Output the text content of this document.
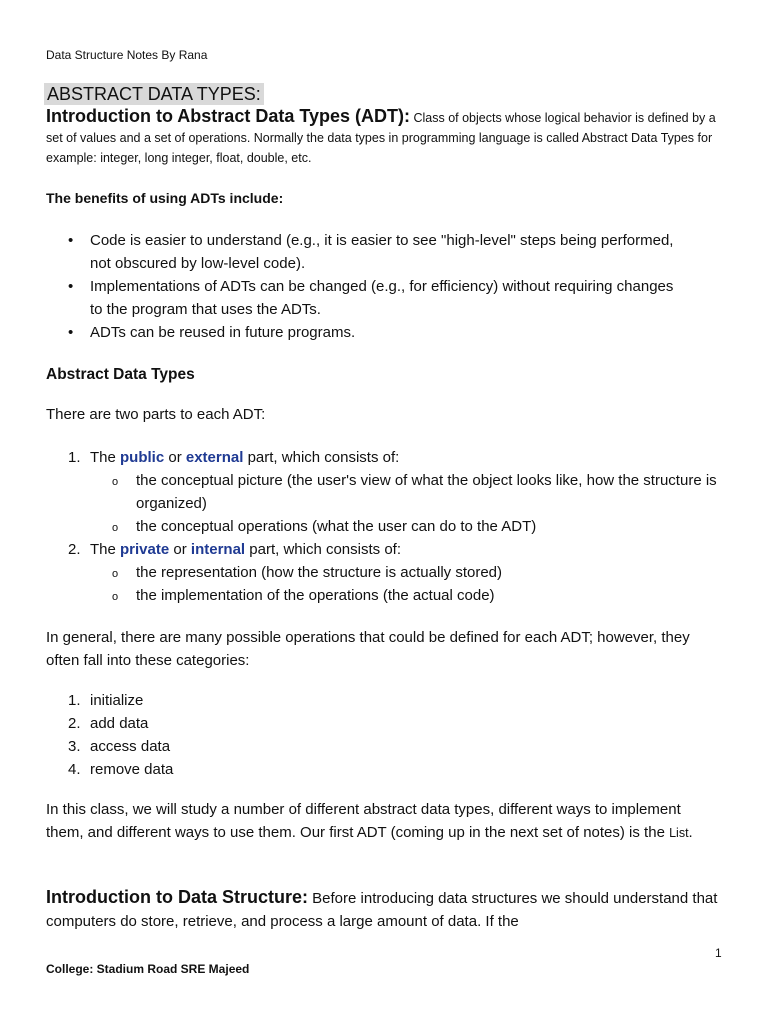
Data Structure Notes By Rana
ABSTRACT DATA TYPES:
Introduction to Abstract Data Types (ADT): Class of objects whose logical behavior is defined by a set of values and a set of operations. Normally the data types in programming language is called Abstract Data Types for example: integer, long integer, float, double, etc.
The benefits of using ADTs include:
• Code is easier to understand (e.g., it is easier to see "high-level" steps being performed, not obscured by low-level code).
• Implementations of ADTs can be changed (e.g., for efficiency) without requiring changes to the program that uses the ADTs.
• ADTs can be reused in future programs.
Abstract Data Types
There are two parts to each ADT:
1. The public or external part, which consists of:
o the conceptual picture (the user's view of what the object looks like, how the structure is organized)
o the conceptual operations (what the user can do to the ADT)
2. The private or internal part, which consists of:
o the representation (how the structure is actually stored)
o the implementation of the operations (the actual code)
In general, there are many possible operations that could be defined for each ADT; however, they often fall into these categories:
1. initialize
2. add data
3. access data
4. remove data
In this class, we will study a number of different abstract data types, different ways to implement them, and different ways to use them. Our first ADT (coming up in the next set of notes) is the List.
Introduction to Data Structure: Before introducing data structures we should understand that computers do store, retrieve, and process a large amount of data. If the
1
College: Stadium Road SRE Majeed
